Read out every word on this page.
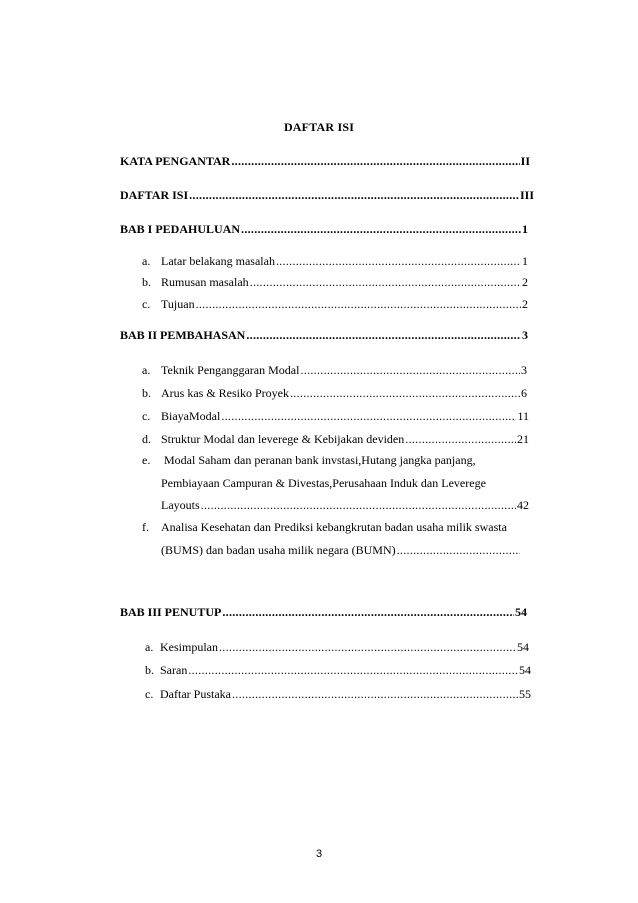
DAFTAR ISI
KATA PENGANTAR .....	II
DAFTAR ISI .....	III
BAB I PEDAHULUAN .....	1
a. Latar belakang masalah .....	1
b. Rumusan masalah .....	2
c. Tujuan .....	2
BAB II PEMBAHASAN .....	3
a. Teknik Penganggaran Modal .....	3
b. Arus kas & Resiko Proyek .....	6
c. BiayaModal .....	11
d. Struktur Modal dan leverege & Kebijakan deviden .....	21
e. Modal Saham dan peranan bank invstasi,Hutang jangka panjang,
Pembiayaan Campuran & Divestas,Perusahaan Induk dan Leverege
Layouts .....	42
f. Analisa Kesehatan dan Prediksi kebangkrutan badan usaha milik swasta
(BUMS) dan badan usaha milik negara (BUMN)
.....
BAB III PENUTUP .....	54
a. Kesimpulan .....	54
b. Saran .....	54
c. Daftar Pustaka .....	55
3
